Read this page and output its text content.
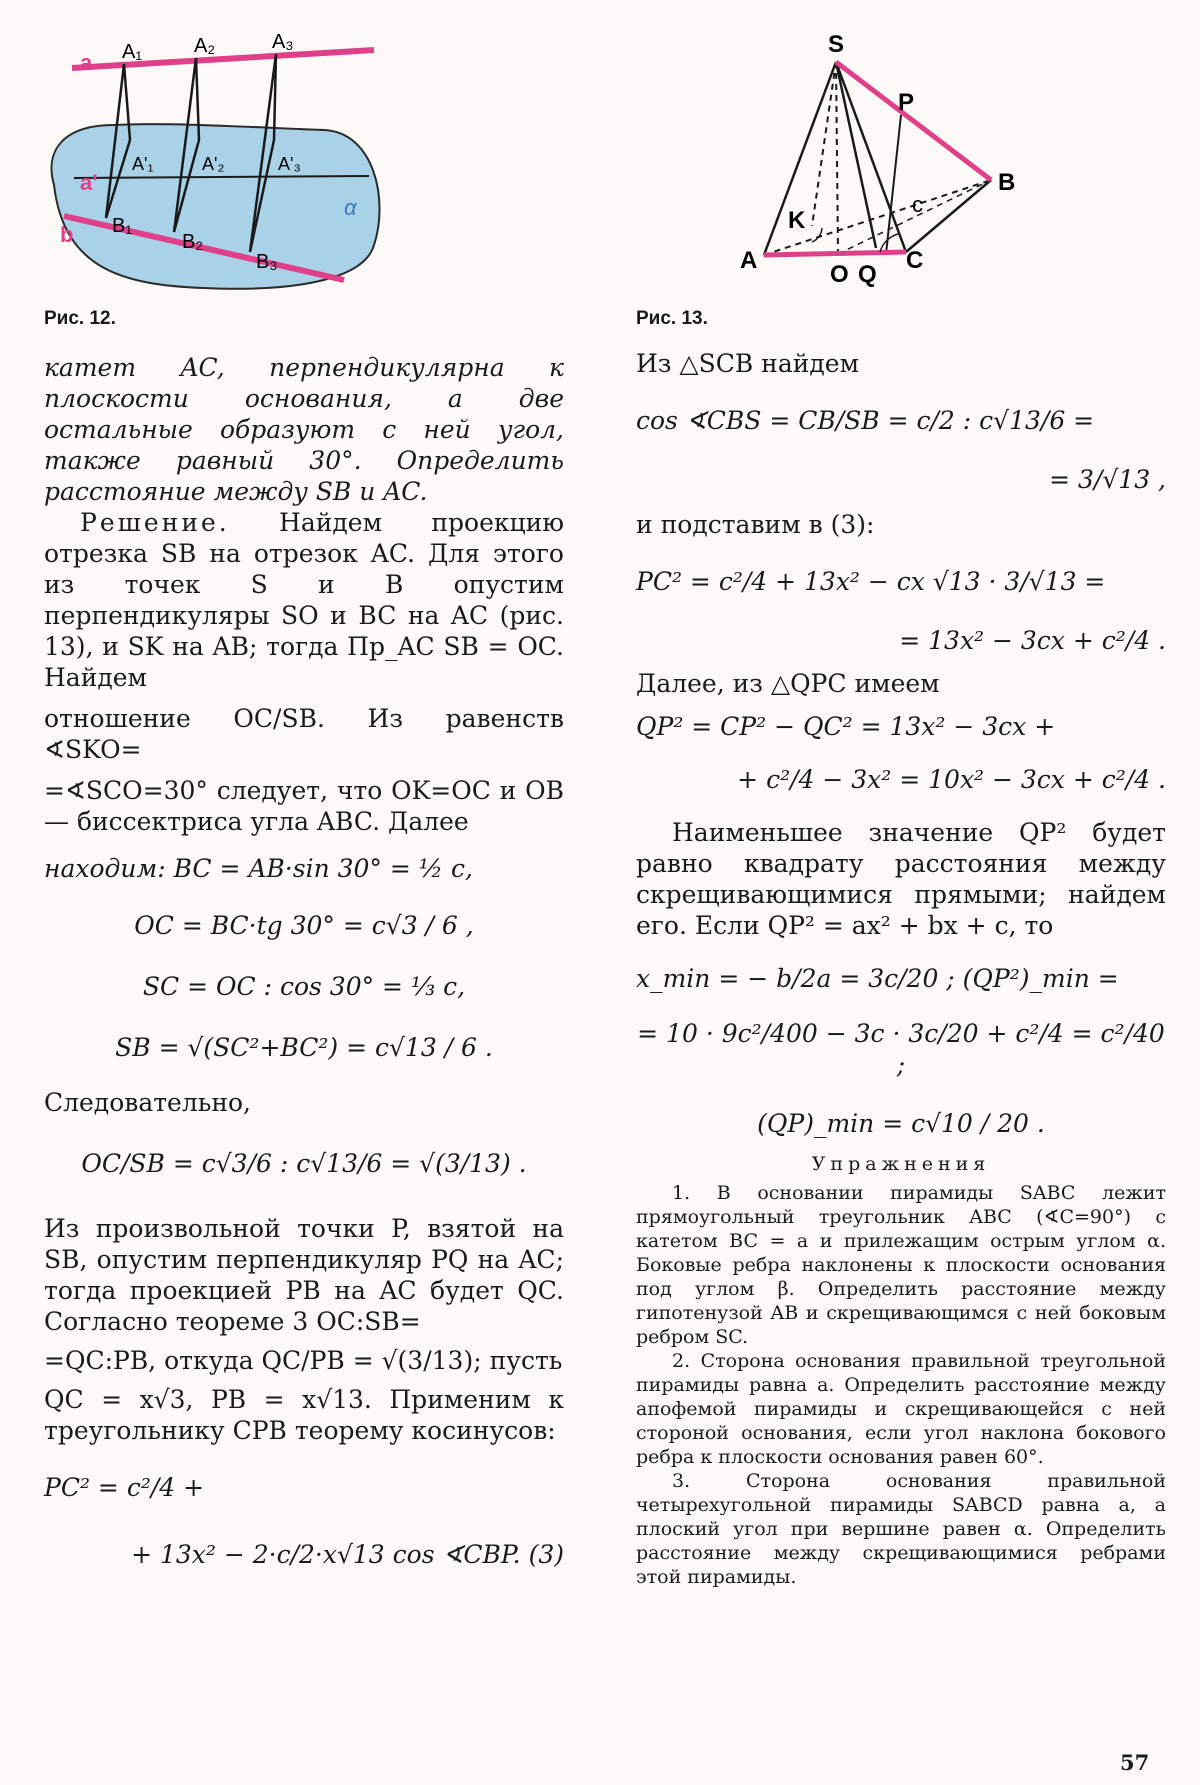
a
a'
b
α
A₁	A₂	A₃
A'₁	A'₂	A'₃
B₁
B₂
B₃

Рис. 12.

катет AC, перпендикулярна к плоскости основания, а две остальные образуют с ней угол, также равный 30°. Определить расстояние между SB и AC.

Решение. Найдем проекцию отрезка SB на отрезок AC. Для этого из точек S и B опустим перпендикуляры SO и BC на AC (рис. 13), и SK на AB; тогда Пр_AC SB = OC. Найдем

отношение OC/SB. Из равенств ∢SKO=

=∢SCO=30° следует, что OK=OC и OB — биссектриса угла ABC. Далее

находим: BC = AB·sin 30° = ½ c,

OC = BC·tg 30° = c√3 / 6 ,

SC = OC : cos 30° = ⅓ c,

SB = √(SC²+BC²) = c√13 / 6 .

Следовательно,

OC/SB = c√3/6 : c√13/6 = √(3/13) .

Из произвольной точки P, взятой на SB, опустим перпендикуляр PQ на AC; тогда проекцией PB на AC будет QC. Согласно теореме 3 OC:SB=

=QC:PB, откуда QC/PB = √(3/13); пусть

QC = x√3, PB = x√13. Применим к треугольнику CPB теорему косинусов:

PC² = c²/4 +

+ 13x² − 2·c/2·x√13 cos ∢CBP. (3)

S
P
B
c
K
A
O Q
C

Рис. 13.

Из △SCB найдем

cos ∢CBS = CB/SB = c/2 : c√13/6 =

= 3/√13 ,

и подставим в (3):

PC² = c²/4 + 13x² − cx √13 · 3/√13 =

= 13x² − 3cx + c²/4 .

Далее, из △QPC имеем

QP² = CP² − QC² = 13x² − 3cx +

+ c²/4 − 3x² = 10x² − 3cx + c²/4 .

Наименьшее значение QP² будет равно квадрату расстояния между скрещивающимися прямыми; найдем его. Если QP² = ax² + bx + c, то

x_min = − b/2a = 3c/20 ; (QP²)_min =

= 10 · 9c²/400 − 3c · 3c/20 + c²/4 = c²/40 ;

(QP)_min = c√10 / 20 .

Упражнения

1. В основании пирамиды SABC лежит прямоугольный треугольник ABC (∢C=90°) с катетом BC = a и прилежащим острым углом α. Боковые ребра наклонены к плоскости основания под углом β. Определить расстояние между гипотенузой AB и скрещивающимся с ней боковым ребром SC.

2. Сторона основания правильной треугольной пирамиды равна a. Определить расстояние между апофемой пирамиды и скрещивающейся с ней стороной основания, если угол наклона бокового ребра к плоскости основания равен 60°.

3. Сторона основания правильной четырехугольной пирамиды SABCD равна a, а плоский угол при вершине равен α. Определить расстояние между скрещивающимися ребрами этой пирамиды.

57
